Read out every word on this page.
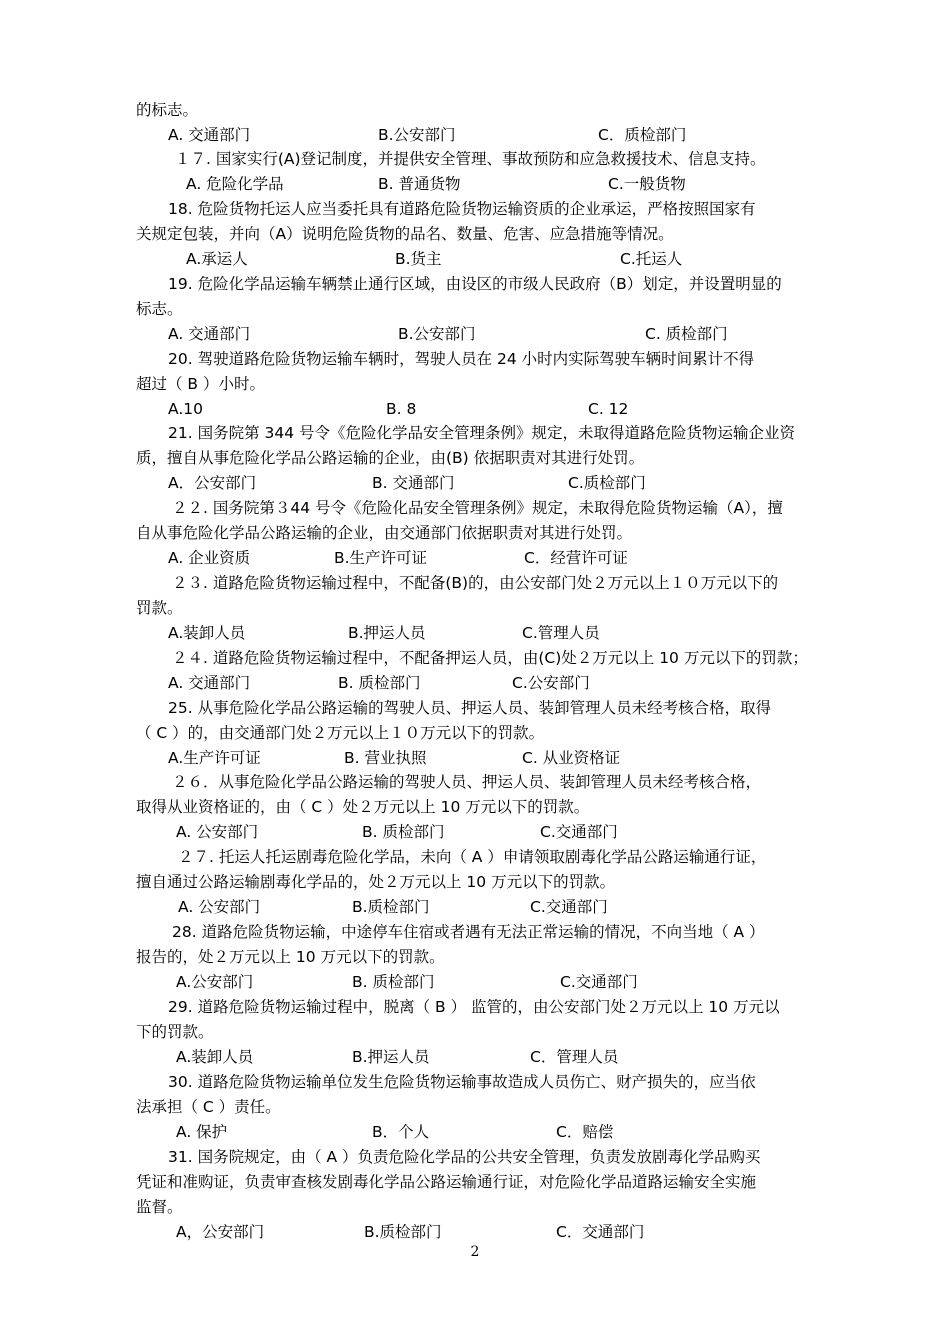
的标志。
A. 交通部门	B.公安部门	C．质检部门
１７. 国家实行(A)登记制度，并提供安全管理、事故预防和应急救援技术、信息支持。
A. 危险化学品	B. 普通货物	C.一般货物
18. 危险货物托运人应当委托具有道路危险货物运输资质的企业承运，严格按照国家有
关规定包装，并向（A）说明危险货物的品名、数量、危害、应急措施等情况。
A.承运人	B.货主	C.托运人
19. 危险化学品运输车辆禁止通行区域，由设区的市级人民政府（B）划定，并设置明显的
标志。
A. 交通部门	B.公安部门	C. 质检部门
20. 驾驶道路危险货物运输车辆时，驾驶人员在 24 小时内实际驾驶车辆时间累计不得
超过（ B ）小时。
A.10	B. 8	C. 12
21. 国务院第 344 号令《危险化学品安全管理条例》规定，未取得道路危险货物运输企业资
质，擅自从事危险化学品公路运输的企业，由(B) 依据职责对其进行处罚。
A．公安部门	B. 交通部门	C.质检部门
２２. 国务院第３44 号令《危险化品安全管理条例》规定，未取得危险货物运输（A），擅
自从事危险化学品公路运输的企业，由交通部门依据职责对其进行处罚。
A. 企业资质	B.生产许可证	C．经营许可证
２３. 道路危险货物运输过程中，不配备(B)的，由公安部门处２万元以上１０万元以下的
罚款。
A.装卸人员	B.押运人员	C.管理人员
２４. 道路危险货物运输过程中，不配备押运人员，由(C)处２万元以上 10 万元以下的罚款；
A. 交通部门	B. 质检部门	C.公安部门
25. 从事危险化学品公路运输的驾驶人员、押运人员、装卸管理人员未经考核合格，取得
（ C ）的，由交通部门处２万元以上１０万元以下的罚款。
A.生产许可证	B. 营业执照	C. 从业资格证
２６．从事危险化学品公路运输的驾驶人员、押运人员、装卸管理人员未经考核合格，
取得从业资格证的，由（ C ）处２万元以上 10 万元以下的罚款。
A. 公安部门	B. 质检部门	C.交通部门
２７. 托运人托运剧毒危险化学品，未向（ A ）申请领取剧毒化学品公路运输通行证，
擅自通过公路运输剧毒化学品的，处２万元以上 10 万元以下的罚款。
A. 公安部门	B.质检部门	C.交通部门
28. 道路危险货物运输，中途停车住宿或者遇有无法正常运输的情况，不向当地（ A ）
报告的，处２万元以上 10 万元以下的罚款。
A.公安部门	B. 质检部门	C.交通部门
29. 道路危险货物运输过程中，脱离（ B ） 监管的，由公安部门处２万元以上 10 万元以
下的罚款。
A.装卸人员	B.押运人员	C．管理人员
30. 道路危险货物运输单位发生危险货物运输事故造成人员伤亡、财产损失的，应当依
法承担（ C ）责任。
A. 保护	B．个人	C．赔偿
31. 国务院规定，由（ A ）负责危险化学品的公共安全管理，负责发放剧毒化学品购买
凭证和准购证，负责审查核发剧毒化学品公路运输通行证，对危险化学品道路运输安全实施
监督。
A，公安部门	B.质检部门	C．交通部门
2
